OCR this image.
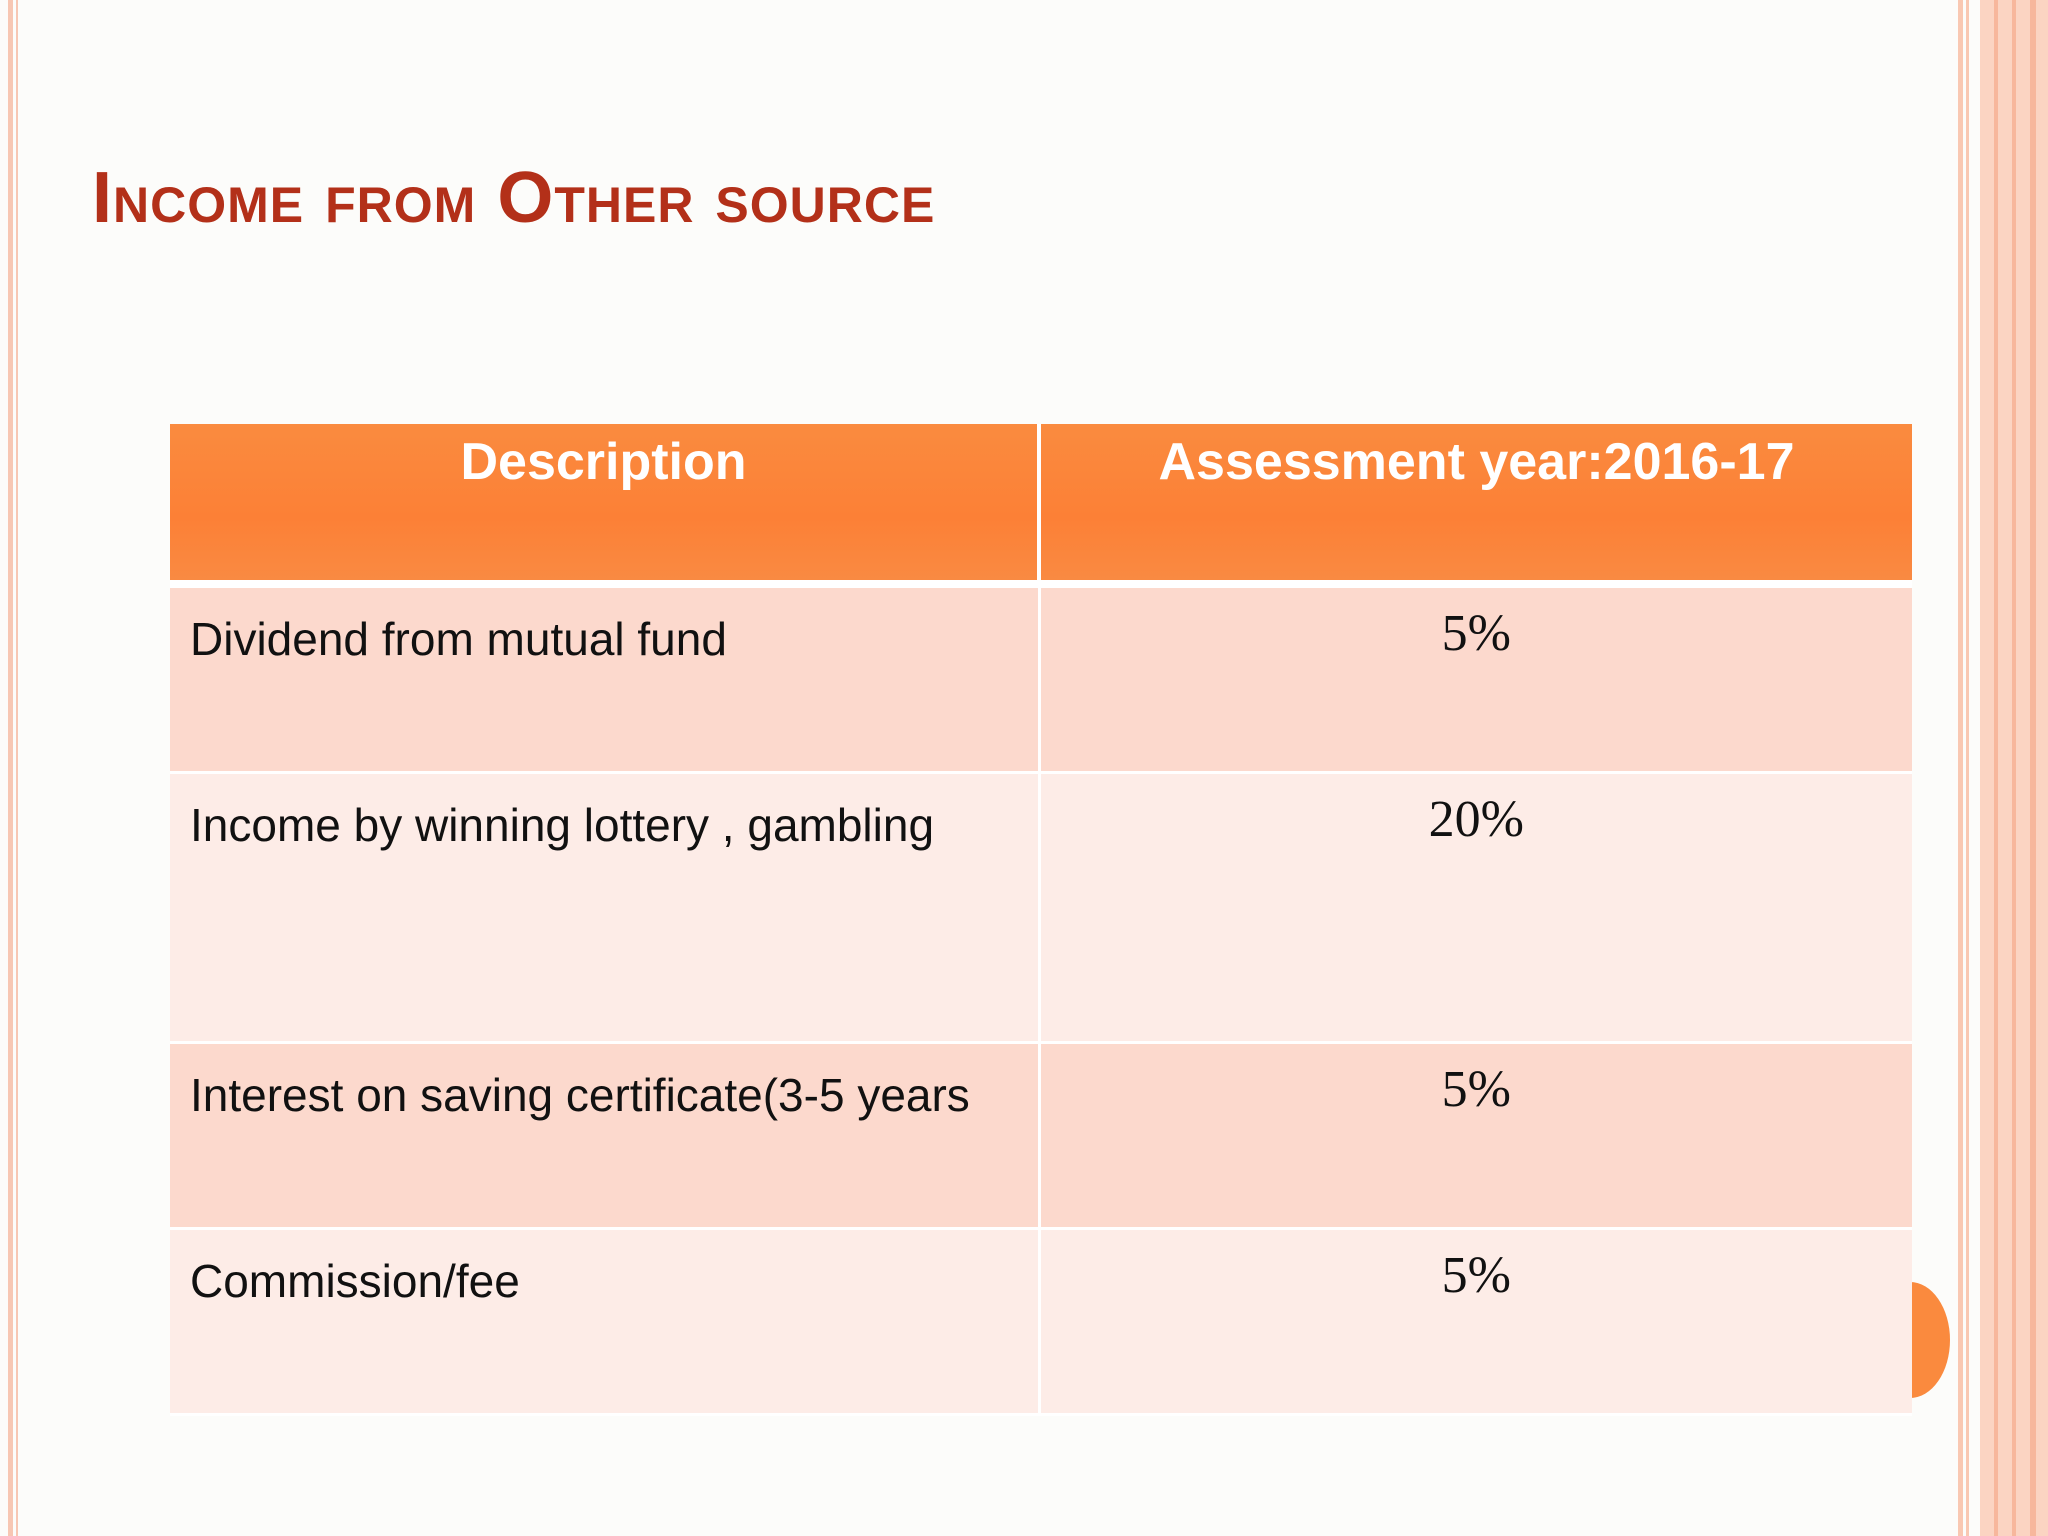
Income from Other source
Description	Assessment year:2016-17
Dividend from mutual fund	5%
Income by winning lottery , gambling	20%
Interest on saving certificate(3-5 years	5%
Commission/fee	5%
